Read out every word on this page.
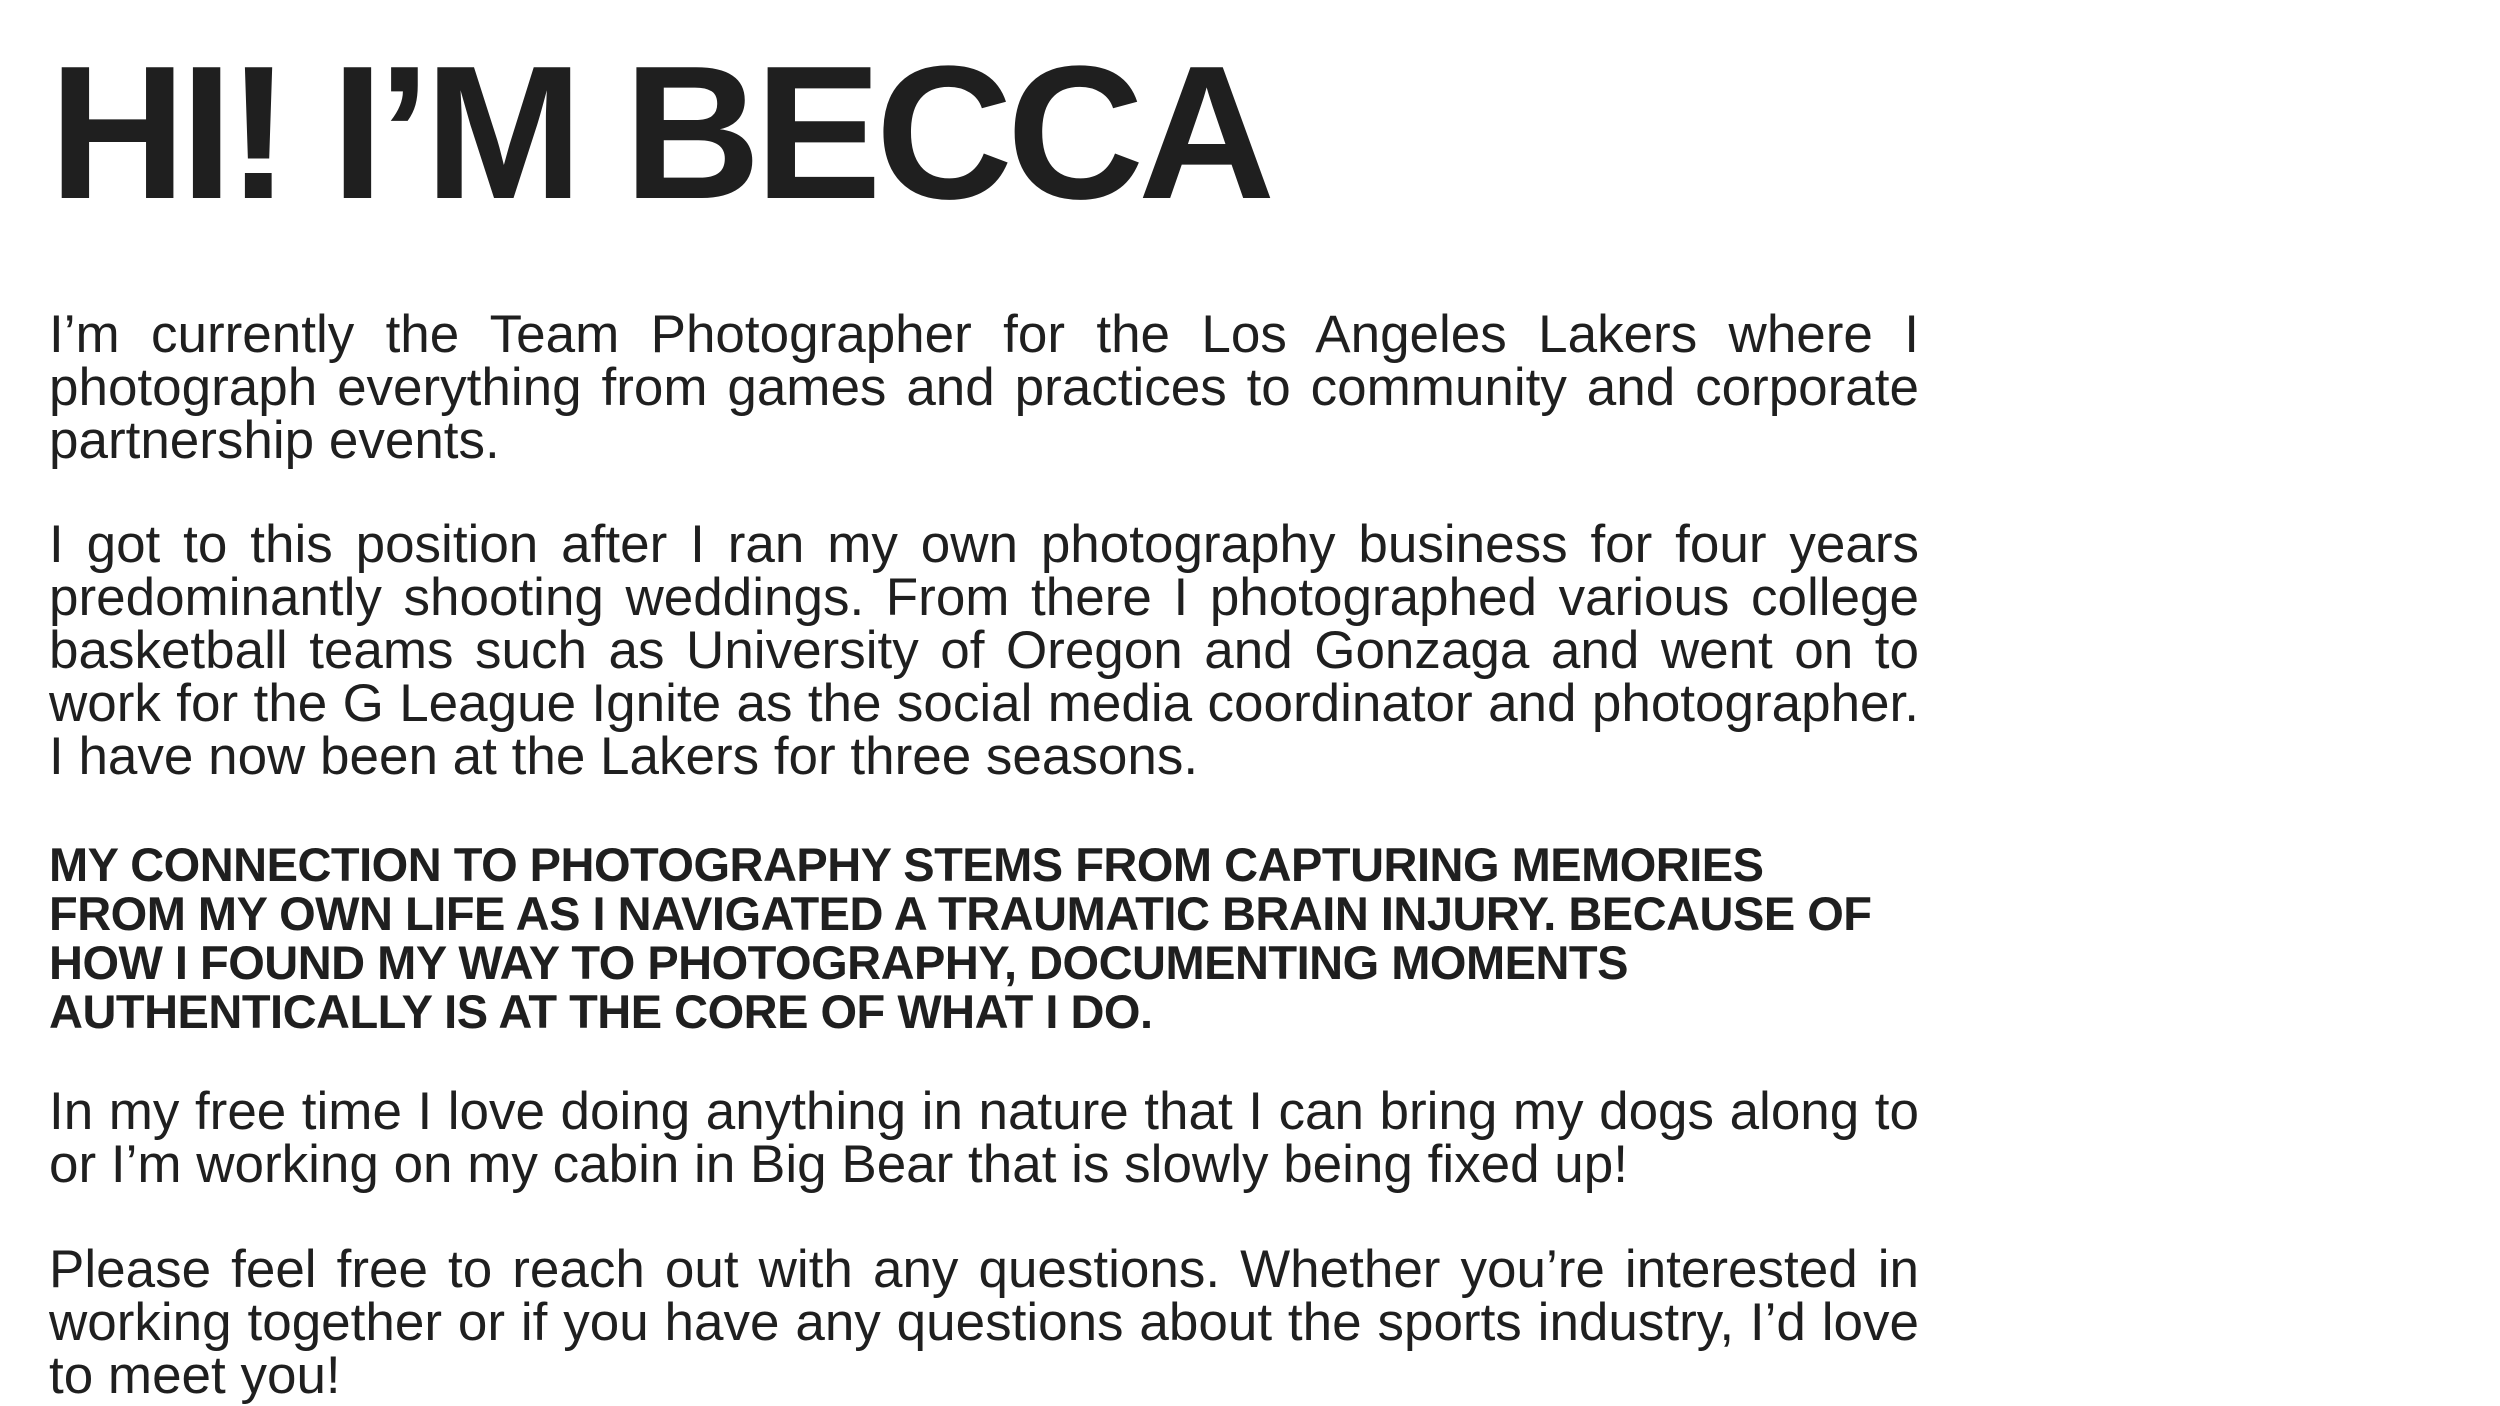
HI! I’M BECCA

I’m currently the Team Photographer for the Los Angeles Lakers where I photograph everything from games and practices to community and corporate partnership events.

I got to this position after I ran my own photography business for four years predominantly shooting weddings. From there I photographed various college basketball teams such as University of Oregon and Gonzaga and went on to work for the G League Ignite as the social media coordinator and photographer. I have now been at the Lakers for three seasons.

MY CONNECTION TO PHOTOGRAPHY STEMS FROM CAPTURING MEMORIES FROM MY OWN LIFE AS I NAVIGATED A TRAUMATIC BRAIN INJURY. BECAUSE OF HOW I FOUND MY WAY TO PHOTOGRAPHY, DOCUMENTING MOMENTS AUTHENTICALLY IS AT THE CORE OF WHAT I DO.

In my free time I love doing anything in nature that I can bring my dogs along to or I’m working on my cabin in Big Bear that is slowly being fixed up!

Please feel free to reach out with any questions. Whether you’re interested in working together or if you have any questions about the sports industry, I’d love to meet you!
